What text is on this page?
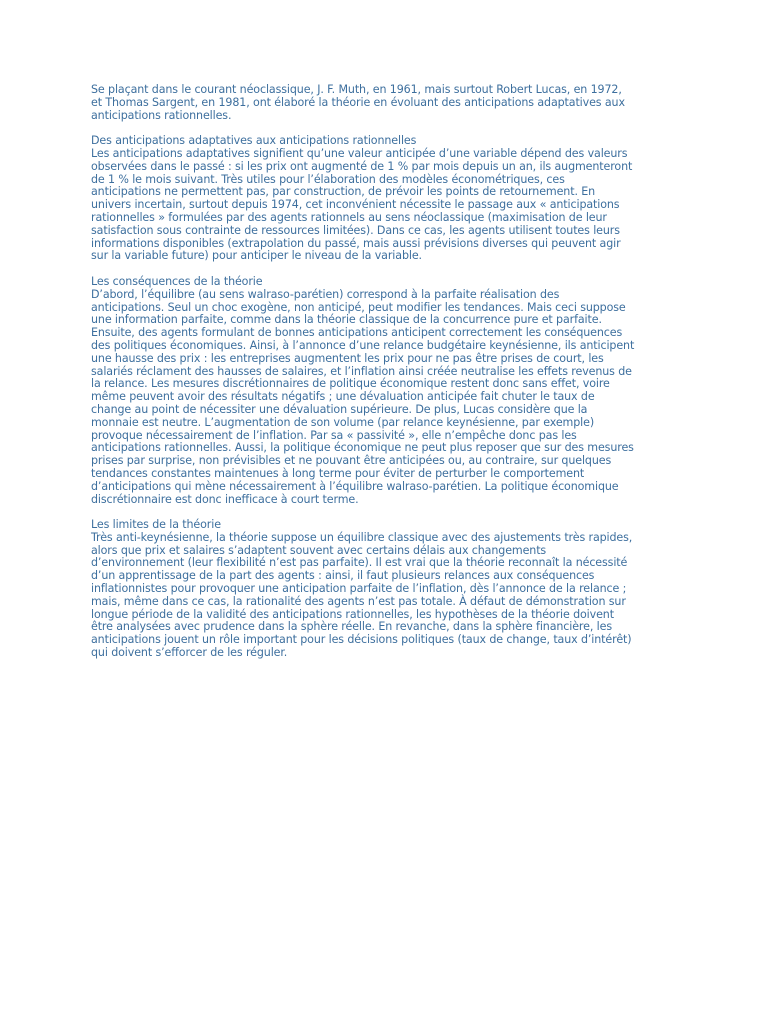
Se plaçant dans le courant néoclassique, J. F. Muth, en 1961, mais surtout Robert Lucas, en 1972,
et Thomas Sargent, en 1981, ont élaboré la théorie en évoluant des anticipations adaptatives aux
anticipations rationnelles.
Des anticipations adaptatives aux anticipations rationnelles
Les anticipations adaptatives signifient qu’une valeur anticipée d’une variable dépend des valeurs
observées dans le passé : si les prix ont augmenté de 1 % par mois depuis un an, ils augmenteront
de 1 % le mois suivant. Très utiles pour l’élaboration des modèles économétriques, ces
anticipations ne permettent pas, par construction, de prévoir les points de retournement. En
univers incertain, surtout depuis 1974, cet inconvénient nécessite le passage aux « anticipations
rationnelles » formulées par des agents rationnels au sens néoclassique (maximisation de leur
satisfaction sous contrainte de ressources limitées). Dans ce cas, les agents utilisent toutes leurs
informations disponibles (extrapolation du passé, mais aussi prévisions diverses qui peuvent agir
sur la variable future) pour anticiper le niveau de la variable.
Les conséquences de la théorie
D’abord, l’équilibre (au sens walraso-parétien) correspond à la parfaite réalisation des
anticipations. Seul un choc exogène, non anticipé, peut modifier les tendances. Mais ceci suppose
une information parfaite, comme dans la théorie classique de la concurrence pure et parfaite.
Ensuite, des agents formulant de bonnes anticipations anticipent correctement les conséquences
des politiques économiques. Ainsi, à l’annonce d’une relance budgétaire keynésienne, ils anticipent
une hausse des prix : les entreprises augmentent les prix pour ne pas être prises de court, les
salariés réclament des hausses de salaires, et l’inflation ainsi créée neutralise les effets revenus de
la relance. Les mesures discrétionnaires de politique économique restent donc sans effet, voire
même peuvent avoir des résultats négatifs ; une dévaluation anticipée fait chuter le taux de
change au point de nécessiter une dévaluation supérieure. De plus, Lucas considère que la
monnaie est neutre. L’augmentation de son volume (par relance keynésienne, par exemple)
provoque nécessairement de l’inflation. Par sa « passivité », elle n’empêche donc pas les
anticipations rationnelles. Aussi, la politique économique ne peut plus reposer que sur des mesures
prises par surprise, non prévisibles et ne pouvant être anticipées ou, au contraire, sur quelques
tendances constantes maintenues à long terme pour éviter de perturber le comportement
d’anticipations qui mène nécessairement à l’équilibre walraso-parétien. La politique économique
discrétionnaire est donc inefficace à court terme.
Les limites de la théorie
Très anti-keynésienne, la théorie suppose un équilibre classique avec des ajustements très rapides,
alors que prix et salaires s’adaptent souvent avec certains délais aux changements
d’environnement (leur flexibilité n’est pas parfaite). Il est vrai que la théorie reconnaît la nécessité
d’un apprentissage de la part des agents : ainsi, il faut plusieurs relances aux conséquences
inflationnistes pour provoquer une anticipation parfaite de l’inflation, dès l’annonce de la relance ;
mais, même dans ce cas, la rationalité des agents n’est pas totale. À défaut de démonstration sur
longue période de la validité des anticipations rationnelles, les hypothèses de la théorie doivent
être analysées avec prudence dans la sphère réelle. En revanche, dans la sphère financière, les
anticipations jouent un rôle important pour les décisions politiques (taux de change, taux d’intérêt)
qui doivent s’efforcer de les réguler.
